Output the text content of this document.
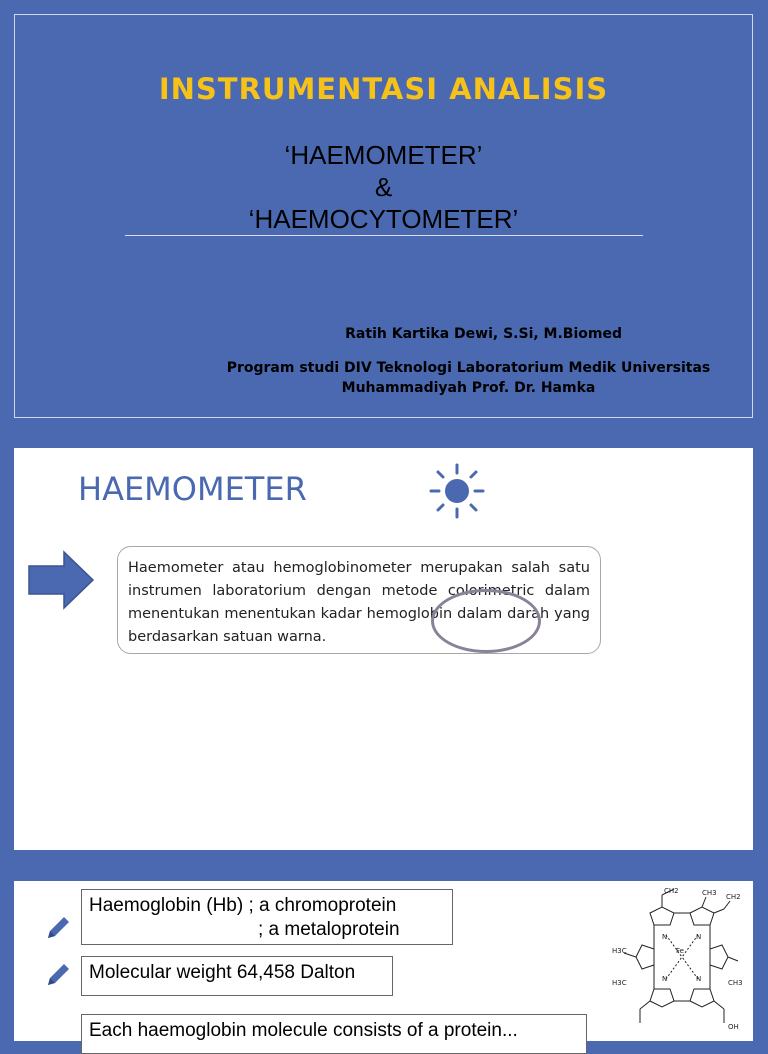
INSTRUMENTASI ANALISIS
‘HAEMOMETER’
&
‘HAEMOCYTOMETER’
Ratih Kartika Dewi, S.Si, M.Biomed
Program studi DIV Teknologi Laboratorium Medik Universitas Muhammadiyah Prof. Dr. Hamka
HAEMOMETER
Haemometer atau hemoglobinometer merupakan salah satu instrumen laboratorium dengan metode colorimetric dalam menentukan menentukan kadar hemoglobin dalam darah yang berdasarkan satuan warna.
Haemoglobin (Hb) ; a chromoprotein
; a metaloprotein
Molecular weight 64,458 Dalton
Each haemoglobin molecule consists of a protein...
CH2	CH3 CH2
H3C	Fe
N	N
N	N
H3C	CH3
OH
